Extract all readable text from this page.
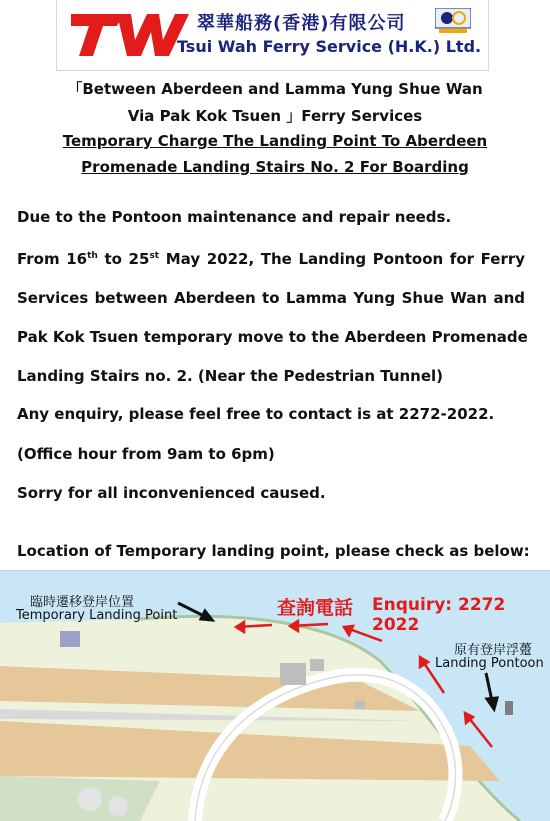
翠華船務(香港)有限公司
Tsui Wah Ferry Service (H.K.) Ltd.
「Between Aberdeen and Lamma Yung Shue Wan
Via Pak Kok Tsuen 」Ferry Services
Temporary Charge The Landing Point To Aberdeen
Promenade Landing Stairs No. 2 For Boarding
Due to the Pontoon maintenance and repair needs.
From 16th to 25st May 2022, The Landing Pontoon for Ferry
Services between Aberdeen to Lamma Yung Shue Wan and
Pak Kok Tsuen temporary move to the Aberdeen Promenade
Landing Stairs no. 2. (Near the Pedestrian Tunnel)
Any enquiry, please feel free to contact is at 2272-2022.
(Office hour from 9am to 6pm)
Sorry for all inconvenienced caused.
Location of Temporary landing point, please check as below:
臨時遷移登岸位置
Temporary Landing Point	查詢電話 Enquiry: 2272 2022
原有登岸浮躉
Landing Pontoon
